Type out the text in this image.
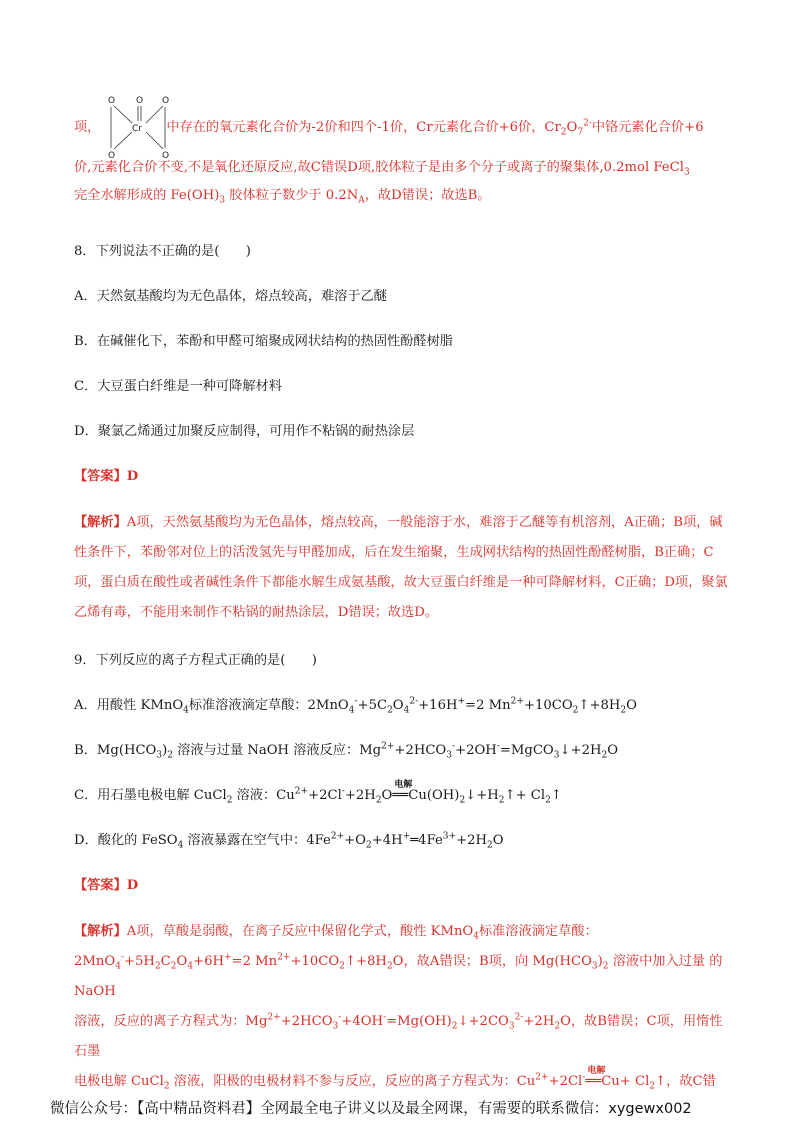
O O O
O	O
Cr

项，	中存在的氧元素化合价为-2价和四个-1价，Cr元素化合价+6价，$Cr_2O_7^{2-}$中铬元素化合价+6

价,元素化合价不变,不是氧化还原反应,故C错误D项,胶体粒子是由多个分子或离子的聚集体,0.2mol FeCl$_3$

完全水解形成的 $Fe(OH)_3$ 胶体粒子数少于 $0.2N_A$，故D错误；故选B。

8．下列说法不正确的是(　　)

A．天然氨基酸均为无色晶体，熔点较高，难溶于乙醚

B．在碱催化下，苯酚和甲醛可缩聚成网状结构的热固性酚醛树脂

C．大豆蛋白纤维是一种可降解材料

D．聚氯乙烯通过加聚反应制得，可用作不粘锅的耐热涂层

【答案】D

【解析】A项，天然氨基酸均为无色晶体，熔点较高，一般能溶于水，难溶于乙醚等有机溶剂，A正确；B项，碱性条件下，苯酚邻对位上的活泼氢先与甲醛加成，后在发生缩聚，生成网状结构的热固性酚醛树脂，B正确；C项，蛋白质在酸性或者碱性条件下都能水解生成氨基酸，故大豆蛋白纤维是一种可降解材料，C正确；D项，聚氯乙烯有毒，不能用来制作不粘锅的耐热涂层，D错误；故选D。

9．下列反应的离子方程式正确的是(　　)

A．用酸性 KMnO$_4$标准溶液滴定草酸：$2MnO_4^-+5C_2O_4^{2-}+16H^+=2$ $Mn^{2+}+10CO_2↑+8H_2O$

B．$Mg(HCO_3)_2$ 溶液与过量 NaOH 溶液反应：$Mg^{2+}+2HCO_3^-+2OH^-=MgCO_3↓+2H_2O$

C．用石墨电极电解 CuCl$_2$ 溶液：$Cu^{2+}+2Cl^-+2H_2O$
电解
$══Cu(OH)_2↓+H_2↑+$ $Cl_2↑$

D．酸化的 FeSO$_4$ 溶液暴露在空气中：$4Fe^{2+}+O_2+4H^+═4Fe^{3+}+2H_2O$

【答案】D

【解析】A项，草酸是弱酸，在离子反应中保留化学式，酸性 KMnO$_4$标准溶液滴定草酸：

$2MnO_4^-+5H_2C_2O_4+6H^+=2$ $Mn^{2+}+10CO_2↑+8H_2O$，故A错误；B项，向 $Mg(HCO_3)_2$ 溶液中加入过量 的 NaOH

溶液，反应的离子方程式为：$Mg^{2+}+2HCO_3^-+4OH^-=Mg(OH)_2↓+2CO_3^{2-}+2H_2O$，故B错误；C项，用惰性石墨

电极电解 CuCl$_2$ 溶液，阳极的电极材料不参与反应，反应的离子方程式为：$Cu^{2+}+2Cl^-$
电解
══Cu+ $Cl_2↑$，故C错

微信公众号：【高中精品资料君】全网最全电子讲义以及最全网课，有需要的联系微信：xygewx002
